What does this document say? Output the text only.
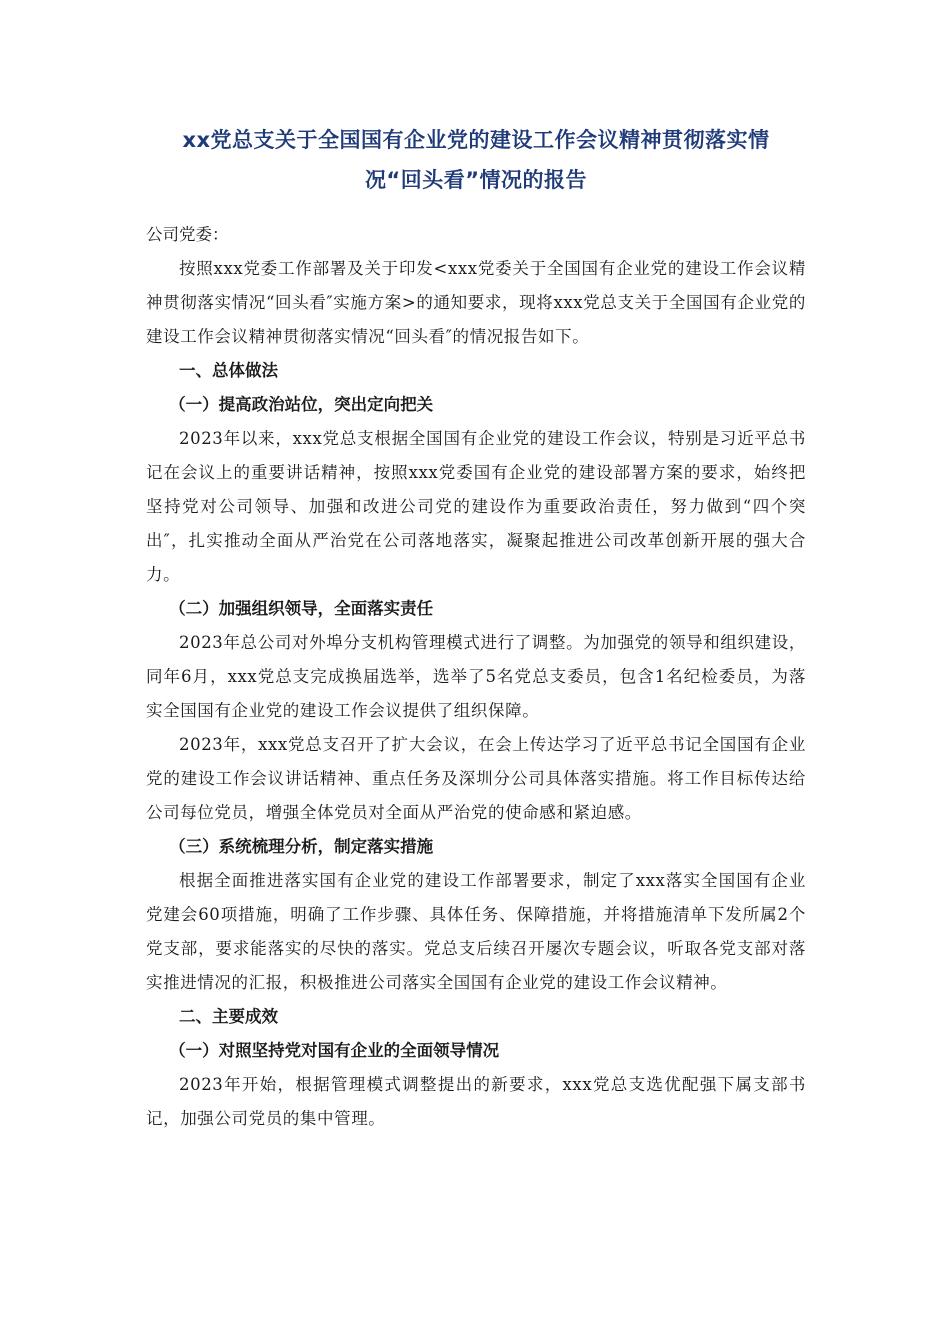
xx党总支关于全国国有企业党的建设工作会议精神贯彻落实情
况“回头看”情况的报告

公司党委：

按照xxx党委工作部署及关于印发<xxx党委关于全国国有企业党的建设工作会议精神贯彻落实情况“回头看″实施方案>的通知要求，现将xxx党总支关于全国国有企业党的建设工作会议精神贯彻落实情况“回头看″的情况报告如下。

一、总体做法
（一）提高政治站位，突出定向把关

2023年以来，xxx党总支根据全国国有企业党的建设工作会议，特别是习近平总书记在会议上的重要讲话精神，按照xxx党委国有企业党的建设部署方案的要求，始终把坚持党对公司领导、加强和改进公司党的建设作为重要政治责任，努力做到“四个突出″，扎实推动全面从严治党在公司落地落实，凝聚起推进公司改革创新开展的强大合力。

（二）加强组织领导，全面落实责任

2023年总公司对外埠分支机构管理模式进行了调整。为加强党的领导和组织建设，同年6月，xxx党总支完成换届选举，选举了5名党总支委员，包含1名纪检委员，为落实全国国有企业党的建设工作会议提供了组织保障。

2023年，xxx党总支召开了扩大会议，在会上传达学习了近平总书记全国国有企业党的建设工作会议讲话精神、重点任务及深圳分公司具体落实措施。将工作目标传达给公司每位党员，增强全体党员对全面从严治党的使命感和紧迫感。

（三）系统梳理分析，制定落实措施

根据全面推进落实国有企业党的建设工作部署要求，制定了xxx落实全国国有企业党建会60项措施，明确了工作步骤、具体任务、保障措施，并将措施清单下发所属2个党支部，要求能落实的尽快的落实。党总支后续召开屡次专题会议，听取各党支部对落实推进情况的汇报，积极推进公司落实全国国有企业党的建设工作会议精神。

二、主要成效
（一）对照坚持党对国有企业的全面领导情况

2023年开始，根据管理模式调整提出的新要求，xxx党总支选优配强下属支部书记，加强公司党员的集中管理。
